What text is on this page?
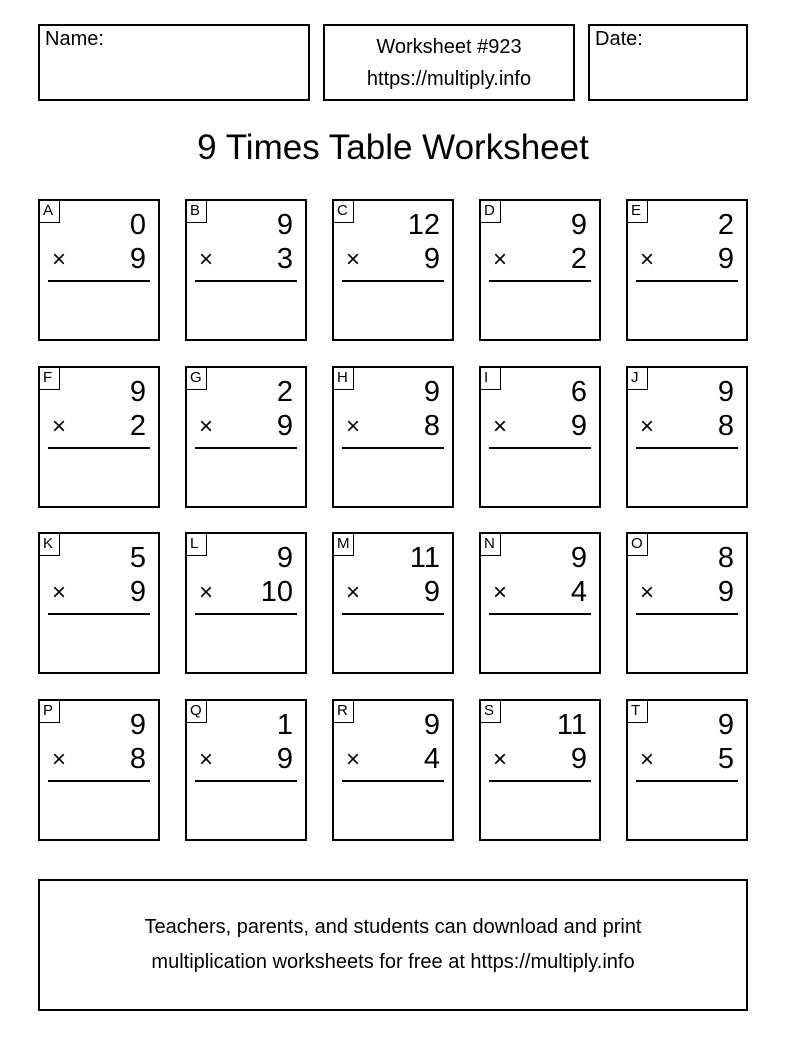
Name:	Worksheet #923
https://multiply.info
Date:
9 Times Table Worksheet
A	0
× 9
B	9
× 3
C 12
× 9
D	9
× 2
E	2
× 9
F	9
× 2
G	2
× 9
H	9
× 8
I	6
× 9
J	9
× 8
K	5
× 9
L	9
× 10
M 11
× 9
N	9
× 4
O	8
× 9
P	9
× 8
Q	1
× 9
R	9
× 4
S 11
× 9
T	9
× 5
Teachers, parents, and students can download and print
multiplication worksheets for free at https://multiply.info
